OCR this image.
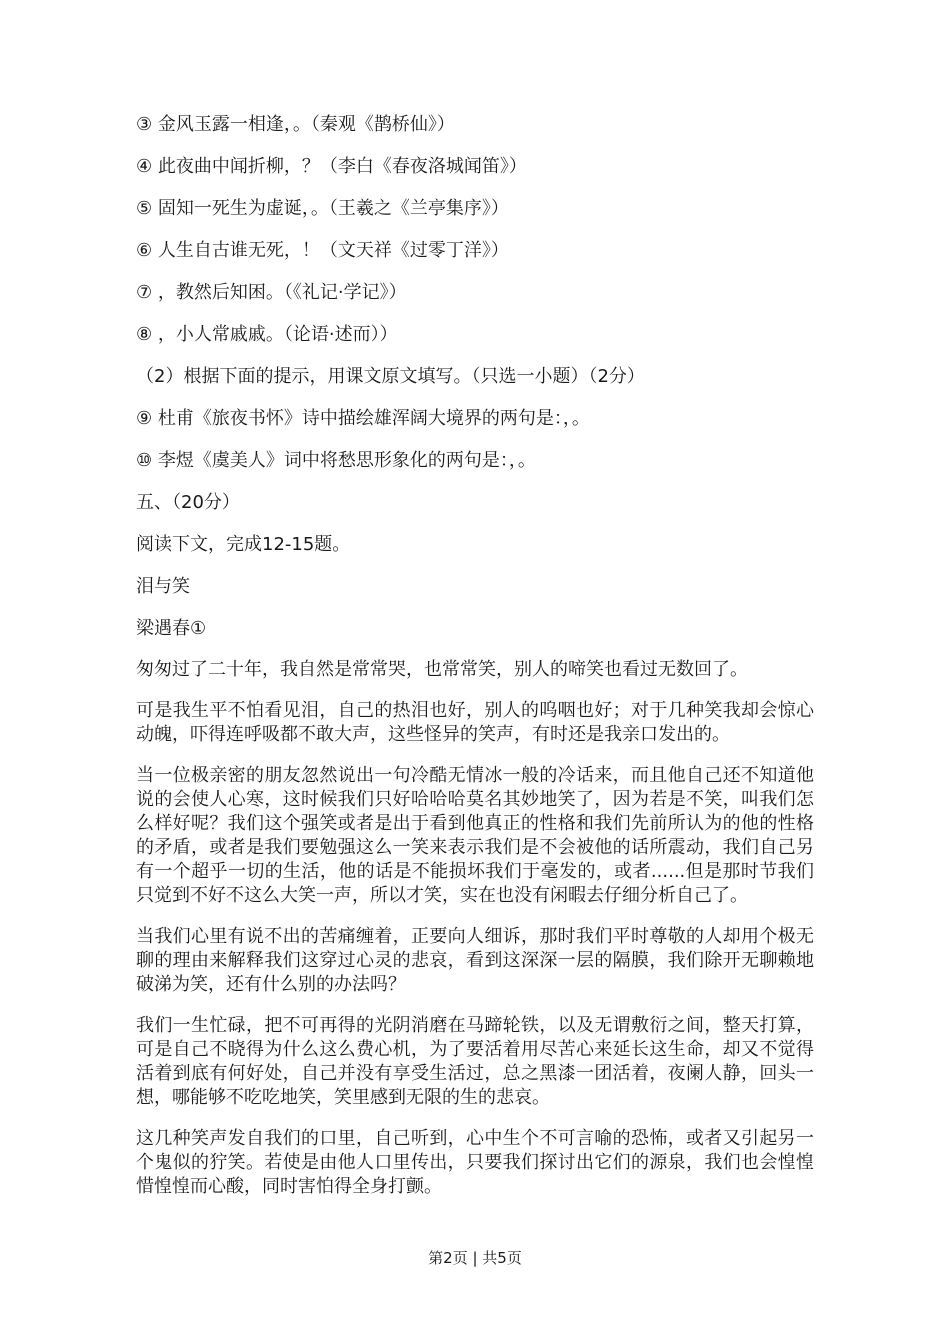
③ 金风玉露一相逢，。（秦观《鹊桥仙》）
④ 此夜曲中闻折柳，？（李白《春夜洛城闻笛》）
⑤ 固知一死生为虚诞，。（王羲之《兰亭集序》）
⑥ 人生自古谁无死，！（文天祥《过零丁洋》）
⑦ ，教然后知困。（《礼记·学记》）
⑧ ，小人常戚戚。（论语·述而））
（2）根据下面的提示，用课文原文填写。（只选一小题）（2分）
⑨ 杜甫《旅夜书怀》诗中描绘雄浑阔大境界的两句是：，。
⑩ 李煜《虞美人》词中将愁思形象化的两句是：，。
五、（20分）
阅读下文，完成12-15题。
泪与笑
梁遇春①

匆匆过了二十年，我自然是常常哭，也常常笑，别人的啼笑也看过无数回了。

可是我生平不怕看见泪，自己的热泪也好，别人的呜咽也好；对于几种笑我却会惊心动魄，吓得连呼吸都不敢大声，这些怪异的笑声，有时还是我亲口发出的。

当一位极亲密的朋友忽然说出一句冷酷无情冰一般的冷话来，而且他自己还不知道他说的会使人心寒，这时候我们只好哈哈哈莫名其妙地笑了，因为若是不笑，叫我们怎么样好呢？我们这个强笑或者是出于看到他真正的性格和我们先前所认为的他的性格的矛盾，或者是我们要勉强这么一笑来表示我们是不会被他的话所震动，我们自己另有一个超乎一切的生活，他的话是不能损坏我们于毫发的，或者......但是那时节我们只觉到不好不这么大笑一声，所以才笑，实在也没有闲暇去仔细分析自己了。

当我们心里有说不出的苦痛缠着，正要向人细诉，那时我们平时尊敬的人却用个极无聊的理由来解释我们这穿过心灵的悲哀，看到这深深一层的隔膜，我们除开无聊赖地破涕为笑，还有什么别的办法吗？

我们一生忙碌，把不可再得的光阴消磨在马蹄轮铁，以及无谓敷衍之间，整天打算，可是自己不晓得为什么这么费心机，为了要活着用尽苦心来延长这生命，却又不觉得活着到底有何好处，自己并没有享受生活过，总之黑漆一团活着，夜阑人静，回头一想，哪能够不吃吃地笑，笑里感到无限的生的悲哀。

这几种笑声发自我们的口里，自己听到，心中生个不可言喻的恐怖，或者又引起另一个鬼似的狞笑。若使是由他人口里传出，只要我们探讨出它们的源泉，我们也会惶惶惜惶惶而心酸，同时害怕得全身打颤。

第2页 | 共5页
